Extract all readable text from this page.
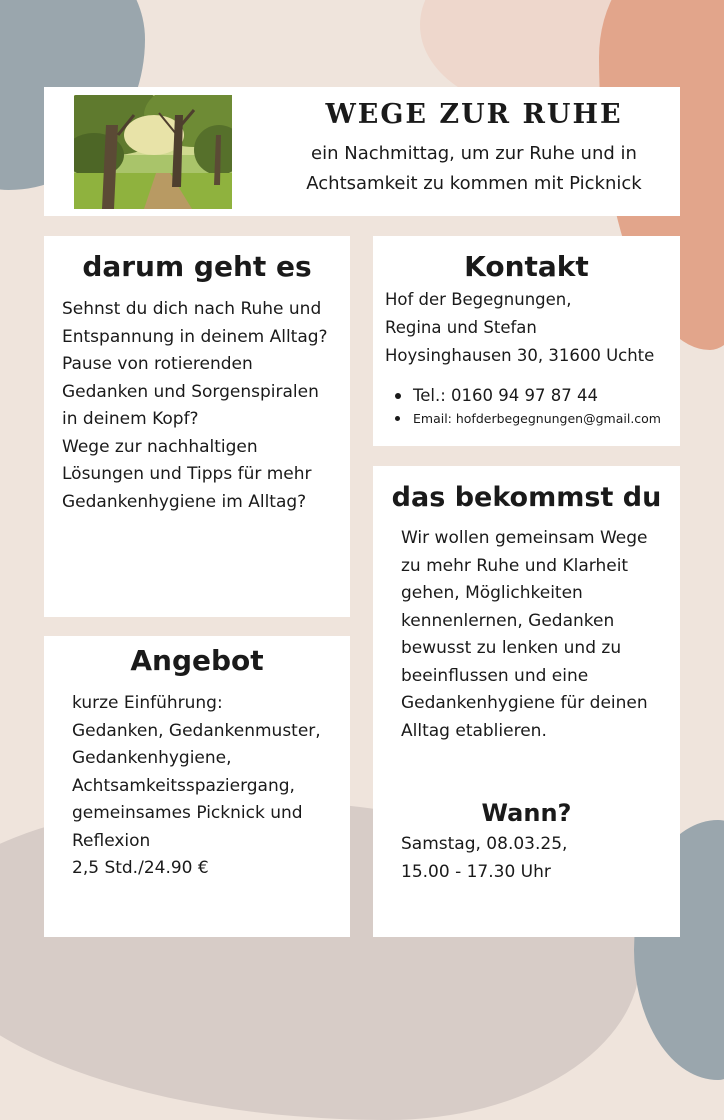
WEGE ZUR RUHE
ein Nachmittag, um zur Ruhe und in
Achtsamkeit zu kommen mit Picknick
darum geht es

Sehnst du dich nach Ruhe und
Entspannung in deinem Alltag?
Pause von rotierenden
Gedanken und Sorgenspiralen
in deinem Kopf?
Wege zur nachhaltigen
Lösungen und Tipps für mehr
Gedankenhygiene im Alltag?

Kontakt
Hof der Begegnungen,
Regina und Stefan
Hoysinghausen 30, 31600 Uchte
Tel.: 0160 94 97 87 44
Email: hofderbegegnungen@gmail.com
das bekommst du

Wir wollen gemeinsam Wege
zu mehr Ruhe und Klarheit
gehen, Möglichkeiten
kennenlernen, Gedanken
bewusst zu lenken und zu
beeinflussen und eine
Gedankenhygiene für deinen
Alltag etablieren.

Wann?

Samstag, 08.03.25,
15.00 - 17.30 Uhr

Angebot

kurze Einführung:
Gedanken, Gedankenmuster,
Gedankenhygiene,
Achtsamkeitsspaziergang,
gemeinsames Picknick und
Reflexion
2,5 Std./24.90 €
